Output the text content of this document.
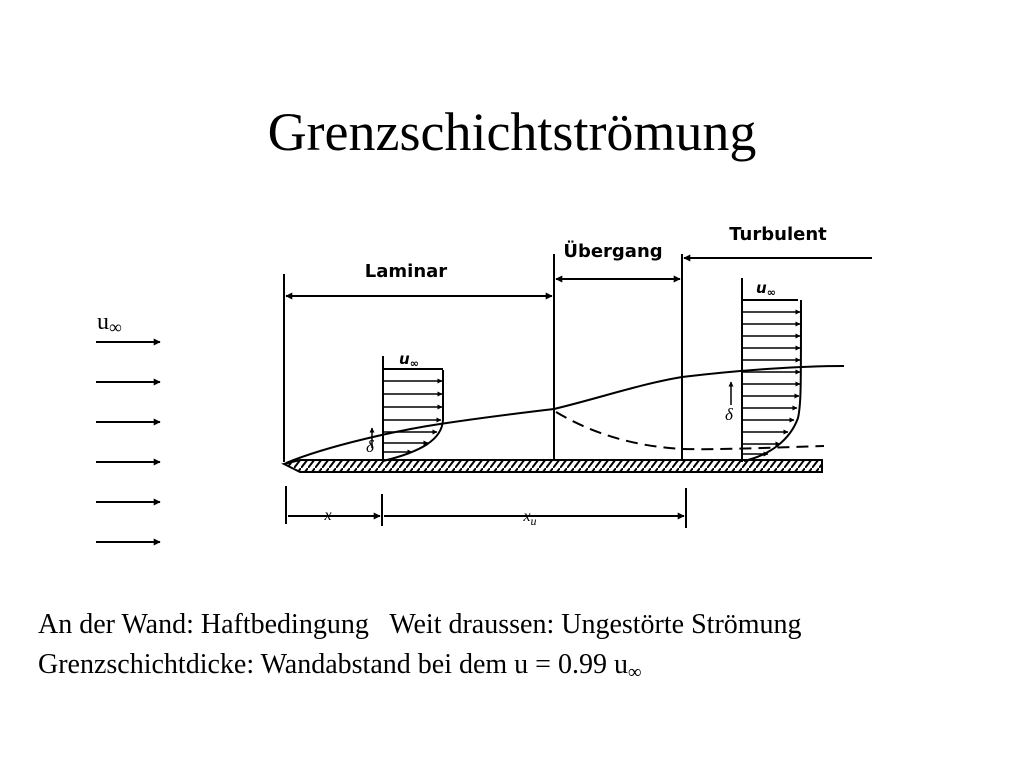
Grenzschichtströmung
u∞
Laminar
Übergang
Turbulent
$u_\infty$
δ
$u_\infty$
δ
x	$x_u$
An der Wand: Haftbedingung   Weit draussen: Ungestörte Strömung
Grenzschichtdicke: Wandabstand bei dem u = 0.99 $u_\infty$
